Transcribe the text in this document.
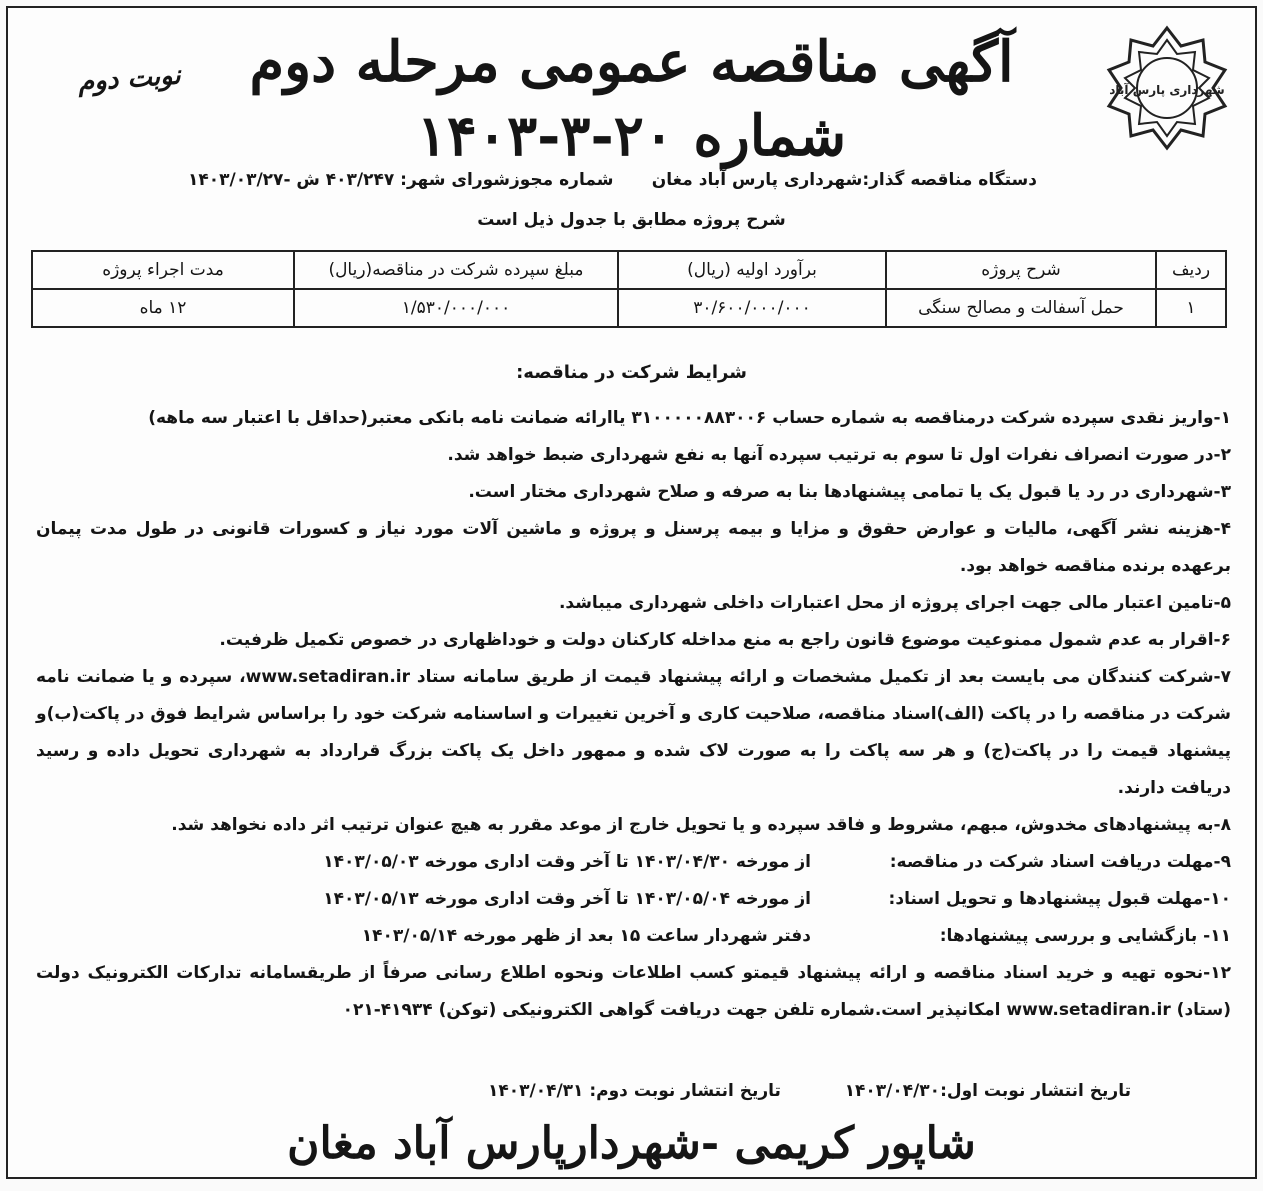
شهرداری پارس آباد
نوبت دوم	آگهی مناقصه عمومی مرحله دوم
شماره ۲۰-۳-۱۴۰۳
دستگاه مناقصه گذار:شهرداری پارس آباد مغان
شماره مجوزشورای شهر: ۴۰۳/۲۴۷ ش -۱۴۰۳/۰۳/۲۷
شرح پروژه مطابق با جدول ذیل است
ردیف	شرح پروژه	برآورد اولیه (ریال)	مبلغ سپرده شرکت در مناقصه(ریال)	مدت اجراء پروژه
۱	حمل آسفالت و مصالح سنگی	۳۰/۶۰۰/۰۰۰/۰۰۰	۱/۵۳۰/۰۰۰/۰۰۰	۱۲ ماه
شرایط شرکت در مناقصه:

۱-واریز نقدی سپرده شرکت درمناقصه به شماره حساب ۳۱۰۰۰۰۰۸۸۳۰۰۶ یاارائه ضمانت نامه بانکی معتبر(حداقل با اعتبار سه ماهه)

۲-در صورت انصراف نفرات اول تا سوم به ترتیب سپرده آنها به نفع شهرداری ضبط خواهد شد.

۳-شهرداری در رد یا قبول یک یا تمامی پیشنهادها بنا به صرفه و صلاح شهرداری مختار است.

۴-هزینه نشر آگهی، مالیات و عوارض حقوق و مزایا و بیمه پرسنل و پروژه و ماشین آلات مورد نیاز و کسورات قانونی در طول مدت پیمان برعهده برنده مناقصه خواهد بود.

۵-تامین اعتبار مالی جهت اجرای پروژه از محل اعتبارات داخلی شهرداری میباشد.

۶-اقرار به عدم شمول ممنوعیت موضوع قانون راجع به منع مداخله کارکنان دولت و خوداظهاری در خصوص تکمیل ظرفیت.

۷-شرکت کنندگان می بایست بعد از تکمیل مشخصات و ارائه پیشنهاد قیمت از طریق سامانه ستاد www.setadiran.ir، سپرده و یا ضمانت نامه شرکت در مناقصه را در پاکت (الف)اسناد مناقصه، صلاحیت کاری و آخرین تغییرات و اساسنامه شرکت خود را براساس شرایط فوق در پاکت(ب)و پیشنهاد قیمت را در پاکت(ج) و هر سه پاکت را به صورت لاک شده و ممهور داخل یک پاکت بزرگ قرارداد به شهرداری تحویل داده و رسید دریافت دارند.

۸-به پیشنهادهای مخدوش، مبهم، مشروط و فاقد سپرده و یا تحویل خارج از موعد مقرر به هیچ عنوان ترتیب اثر داده نخواهد شد.

۹-مهلت دریافت اسناد شرکت در مناقصه:
از مورخه ۱۴۰۳/۰۴/۳۰ تا آخر وقت اداری مورخه ۱۴۰۳/۰۵/۰۳
۱۰-مهلت قبول پیشنهادها و تحویل اسناد:
از مورخه ۱۴۰۳/۰۵/۰۴ تا آخر وقت اداری مورخه ۱۴۰۳/۰۵/۱۳
۱۱- بازگشایی و بررسی پیشنهادها:
دفتر شهردار ساعت ۱۵ بعد از ظهر مورخه ۱۴۰۳/۰۵/۱۴

۱۲-نحوه تهیه و خرید اسناد مناقصه و ارائه پیشنهاد قیمتو کسب اطلاعات ونحوه اطلاع رسانی صرفاً از طریقسامانه تدارکات الکترونیک دولت (ستاد) www.setadiran.ir امکانپذیر است.شماره تلفن جهت دریافت گواهی الکترونیکی (توکن) ۴۱۹۳۴-۰۲۱

تاریخ انتشار نوبت اول:۱۴۰۳/۰۴/۳۰
تاریخ انتشار نوبت دوم: ۱۴۰۳/۰۴/۳۱
شاپور کریمی -شهردارپارس آباد مغان
